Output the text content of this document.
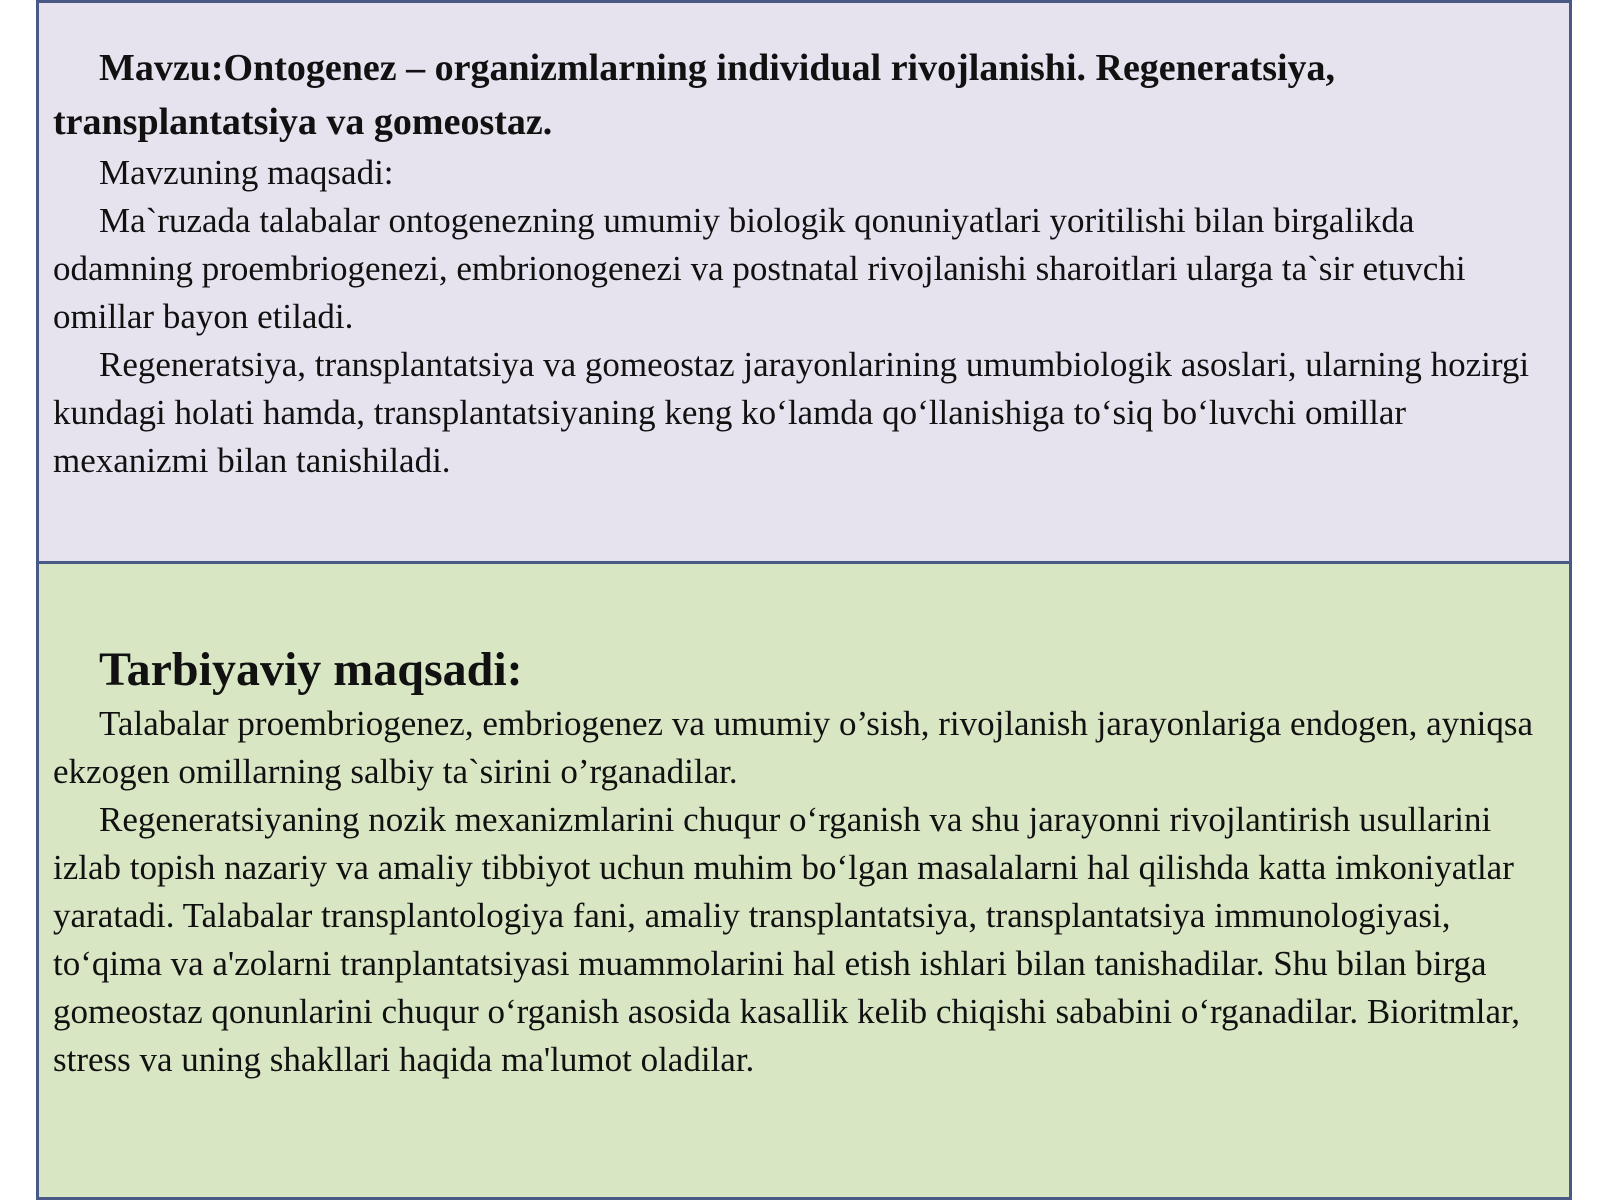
Mavzu:Ontogenez – organizmlarning individual rivojlanishi. Regeneratsiya, transplantatsiya va gomeostaz.

Mavzuning maqsadi:

Ma`ruzada talabalar ontogenezning umumiy biologik qonuniyatlari yoritilishi bilan birgalikda odamning proembriogenezi, embrionogenezi va postnatal rivojlanishi sharoitlari ularga ta`sir etuvchi omillar bayon etiladi.

Regeneratsiya, transplantatsiya va gomeostaz jarayonlarining umumbiologik asoslari, ularning hozirgi kundagi holati hamda, transplantatsiyaning keng ko‘lamda qo‘llanishiga to‘siq bo‘luvchi omillar mexanizmi bilan tanishiladi.

Tarbiyaviy maqsadi:

Talabalar proembriogenez, embriogenez va umumiy o’sish, rivojlanish jarayonlariga endogen, ayniqsa ekzogen omillarning salbiy ta`sirini o’rganadilar.

Regeneratsiyaning nozik mexanizmlarini chuqur o‘rganish va shu jarayonni rivojlantirish usullarini izlab topish nazariy va amaliy tibbiyot uchun muhim bo‘lgan masalalarni hal qilishda katta imkoniyatlar yaratadi. Talabalar transplantologiya fani, amaliy transplantatsiya, transplantatsiya immunologiyasi, to‘qima va a'zolarni tranplantatsiyasi muammolarini hal etish ishlari bilan tanishadilar. Shu bilan birga gomeostaz qonunlarini chuqur o‘rganish asosida kasallik kelib chiqishi sababini o‘rganadilar. Bioritmlar, stress va uning shakllari haqida ma'lumot oladilar.
